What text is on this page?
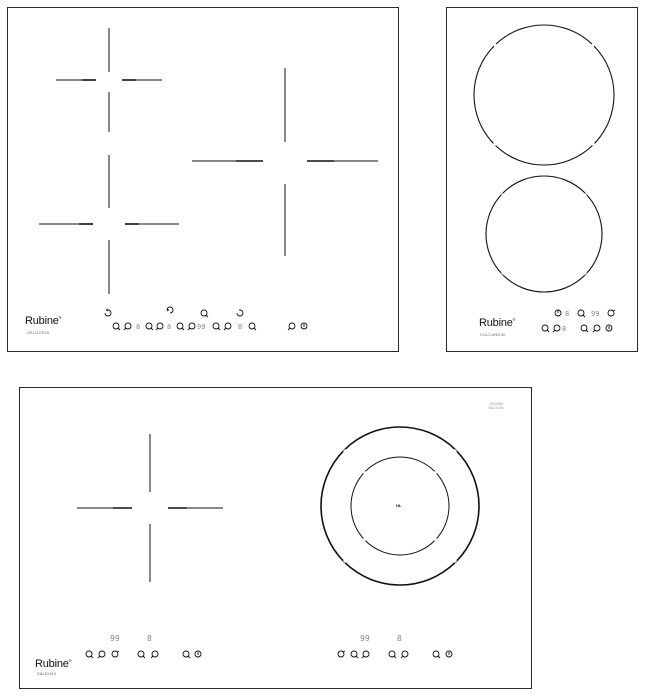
Rubine®
VELOCE60
8	8	99	8
8	99
8
Rubine®
VULCANO30
99	8	99	8
HL
RUBINE
VALDO44
Rubine®
VALDO44
